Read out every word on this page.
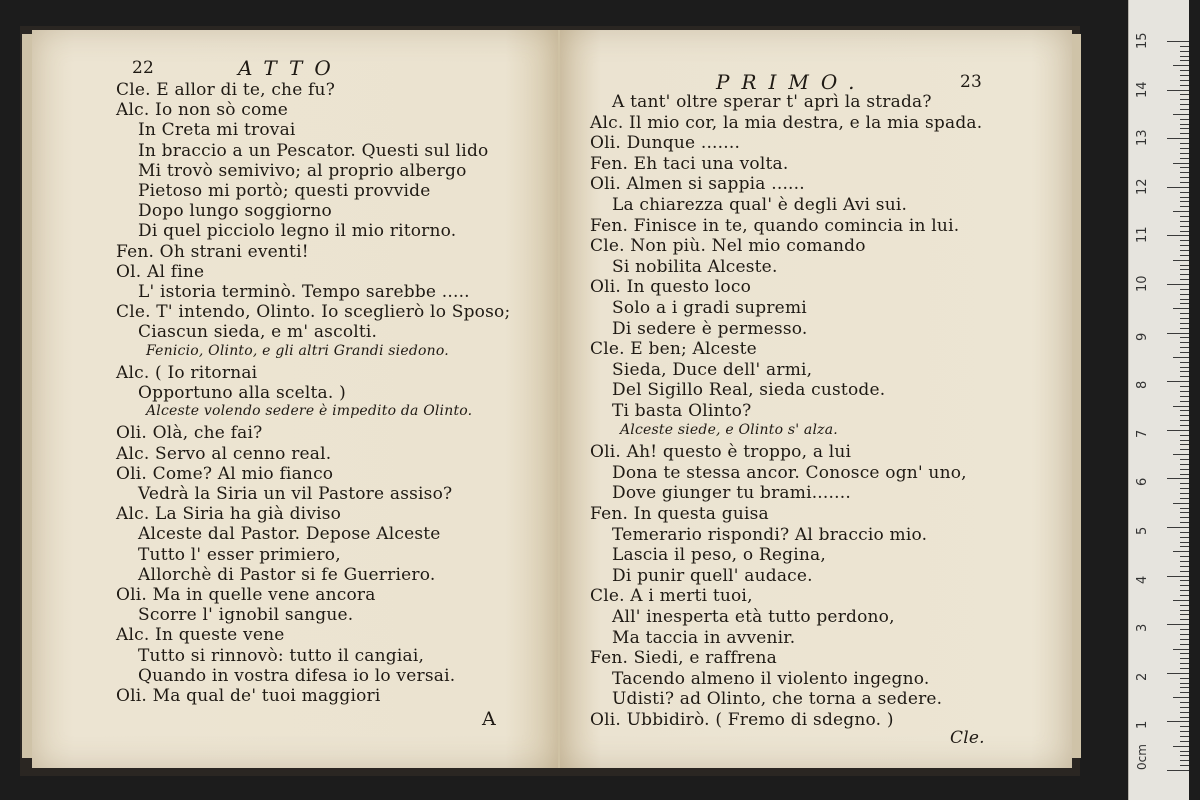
22	ATTO
Cle. E allor di te, che fu?
Alc. Io non sò come
In Creta mi trovai
In braccio a un Pescator. Questi sul lido
Mi trovò semivivo; al proprio albergo
Pietoso mi portò; questi provvide
Dopo lungo soggiorno
Di quel picciolo legno il mio ritorno.
Fen. Oh strani eventi!
Ol. Al fine
L' istoria terminò. Tempo sarebbe .....
Cle. T' intendo, Olinto. Io sceglierò lo Sposo;
Ciascun sieda, e m' ascolti.
Fenicio, Olinto, e gli altri Grandi siedono.
Alc. ( Io ritornai
Opportuno alla scelta. )
Alceste volendo sedere è impedito da Olinto.
Oli. Olà, che fai?
Alc. Servo al cenno real.
Oli. Come? Al mio fianco
Vedrà la Siria un vil Pastore assiso?
Alc. La Siria ha già diviso
Alceste dal Pastor. Depose Alceste
Tutto l' esser primiero,
Allorchè di Pastor si fe Guerriero.
Oli. Ma in quelle vene ancora
Scorre l' ignobil sangue.
Alc. In queste vene
Tutto si rinnovò: tutto il cangiai,
Quando in vostra difesa io lo versai.
Oli. Ma qual de' tuoi maggiori
A
PRIMO.	23
A tant' oltre sperar t' aprì la strada?
Alc. Il mio cor, la mia destra, e la mia spada.
Oli. Dunque .......
Fen. Eh taci una volta.
Oli. Almen si sappia ......
La chiarezza qual' è degli Avi sui.
Fen. Finisce in te, quando comincia in lui.
Cle. Non più. Nel mio comando
Si nobilita Alceste.
Oli. In questo loco
Solo a i gradi supremi
Di sedere è permesso.
Cle. E ben; Alceste
Sieda, Duce dell' armi,
Del Sigillo Real, sieda custode.
Ti basta Olinto?
Alceste siede, e Olinto s' alza.
Oli. Ah! questo è troppo, a lui
Dona te stessa ancor. Conosce ogn' uno,
Dove giunger tu brami.......
Fen. In questa guisa
Temerario rispondi? Al braccio mio.
Lascia il peso, o Regina,
Di punir quell' audace.
Cle. A i merti tuoi,
All' inesperta età tutto perdono,
Ma taccia in avvenir.
Fen. Siedi, e raffrena
Tacendo almeno il violento ingegno.
Udisti? ad Olinto, che torna a sedere.
Oli. Ubbidirò. ( Fremo di sdegno. )
Cle.
0cm
1
2
3
4
5
6
7
8
9
10
11
12
13
14
15
